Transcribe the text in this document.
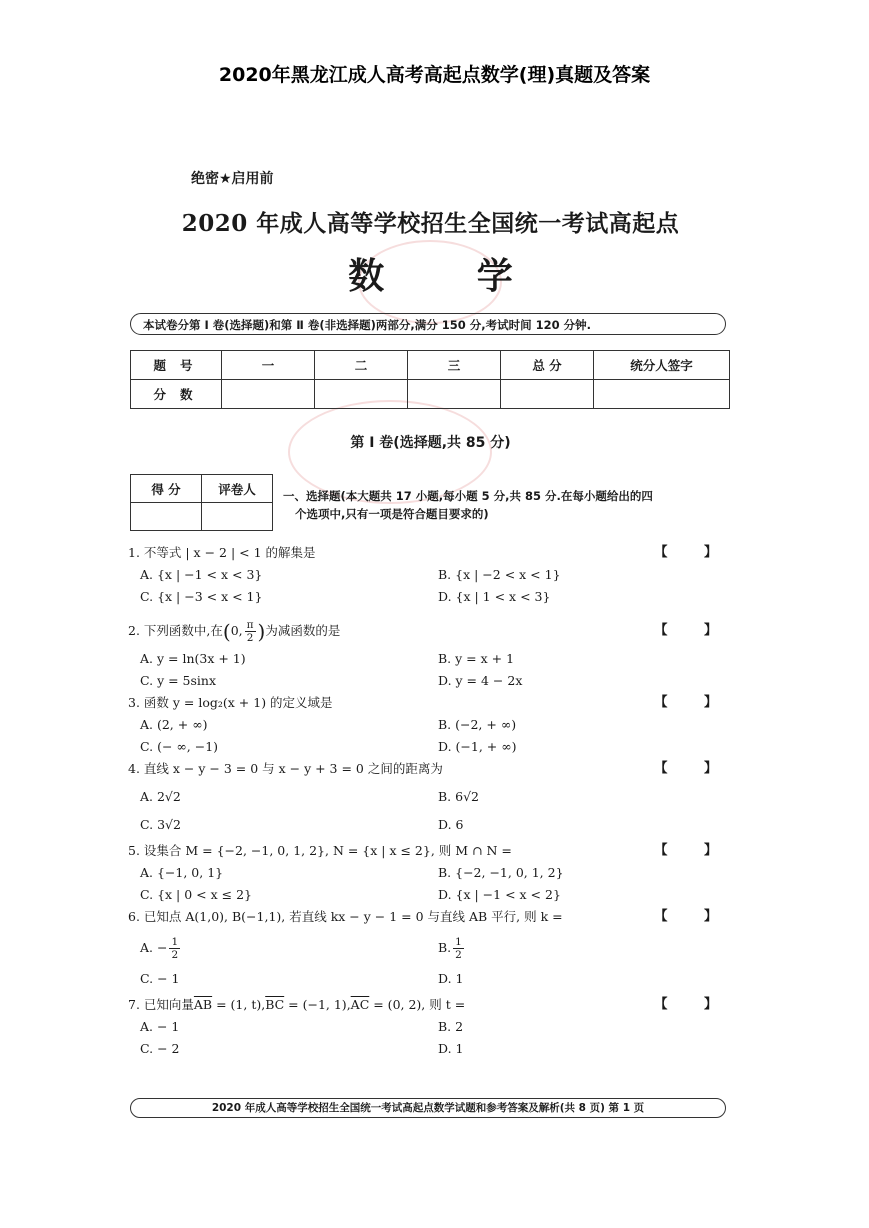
2020年黑龙江成人高考高起点数学(理)真题及答案
绝密★启用前
2020 年成人高等学校招生全国统一考试高起点
数 学
本试卷分第 Ⅰ 卷(选择题)和第 Ⅱ 卷(非选择题)两部分,满分 150 分,考试时间 120 分钟.
题号	一	二	三	总 分	统分人签字
分数					
第 Ⅰ 卷(选择题,共 85 分)
得 分	评卷人
	一、选择题(本大题共 17 小题,每小题 5 分,共 85 分.在每小题给出的四
个选项中,只有一项是符合题目要求的)
1. 不等式 | x − 2 | < 1 的解集是	【 】
A. {x | −1 < x < 3}	B. {x | −2 < x < 1}
C. {x | −3 < x < 1}	D. {x | 1 < x < 3}
2. 下列函数中,在(0, $\frac{\pi}{2}$ )为减函数的是	【 】
A. y = ln(3x + 1)	B. y = x + 1
C. y = 5sinx	D. y = 4 − 2x
3. 函数 y = log₂(x + 1) 的定义域是	【 】
A. (2, + ∞)	B. (−2, + ∞)
C. (− ∞, −1)	D. (−1, + ∞)
4. 直线 x − y − 3 = 0 与 x − y + 3 = 0 之间的距离为	【 】
A. 2√2	B. 6√2
C. 3√2	D. 6
5. 设集合 M = {−2, −1, 0, 1, 2}, N = {x | x ≤ 2}, 则 M ∩ N =	【 】
A. {−1, 0, 1}	B. {−2, −1, 0, 1, 2}
C. {x | 0 < x ≤ 2}	D. {x | −1 < x < 2}
6. 已知点 A(1,0), B(−1,1), 若直线 kx − y − 1 = 0 与直线 AB 平行, 则 k =	【 】
A. − $\frac{1}{2}$	B. $\frac{1}{2}$
C. − 1	D. 1
7. 已知向量$\overline{AB} = (1$, $t),\overline{BC} = (-1$, $1),\overline{AC} = (0$, 2), 则 t =	【 】
A. − 1	B. 2
C. − 2	D. 1
2020 年成人高等学校招生全国统一考试高起点数学试题和参考答案及解析(共 8 页) 第 1 页
